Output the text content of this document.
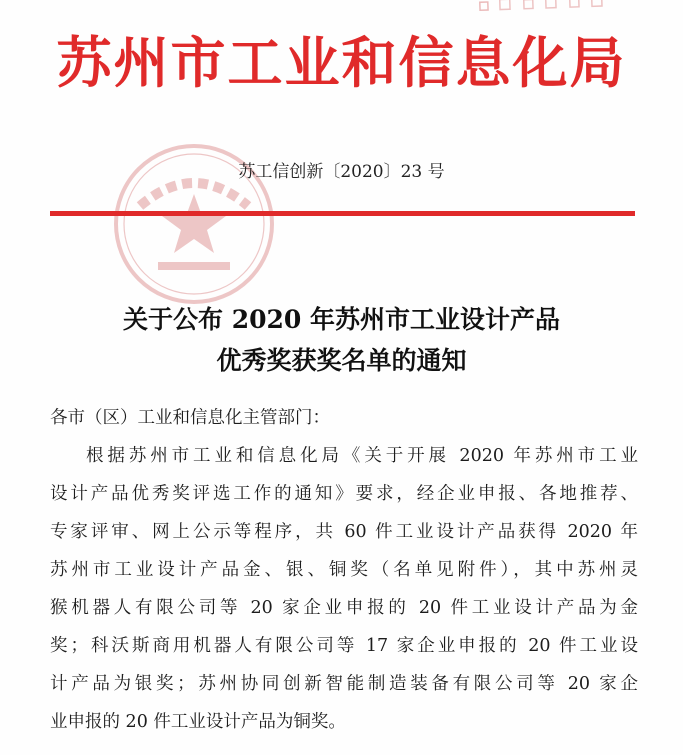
苏州市工业和信息化局
苏工信创新〔2020〕23 号
关于公布 2020 年苏州市工业设计产品
优秀奖获奖名单的通知
各市（区）工业和信息化主管部门：
根据苏州市工业和信息化局《关于开展 2020 年苏州市工业
设计产品优秀奖评选工作的通知》要求，经企业申报、各地推荐、
专家评审、网上公示等程序，共 60 件工业设计产品获得 2020 年
苏州市工业设计产品金、银、铜奖（名单见附件），其中苏州灵
猴机器人有限公司等 20 家企业申报的 20 件工业设计产品为金
奖；科沃斯商用机器人有限公司等 17 家企业申报的 20 件工业设
计产品为银奖；苏州协同创新智能制造装备有限公司等 20 家企
业申报的 20 件工业设计产品为铜奖。
